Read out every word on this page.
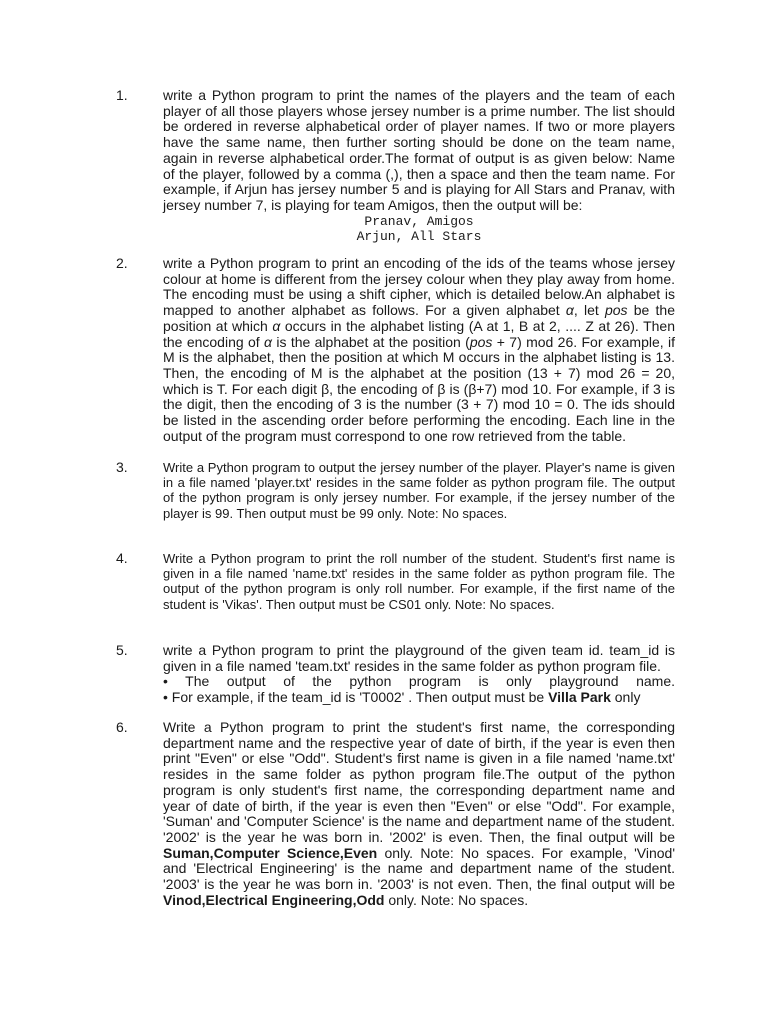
1.	write a Python program to print the names of the players and the team of each player of all those players whose jersey number is a prime number. The list should be ordered in reverse alphabetical order of player names. If two or more players have the same name, then further sorting should be done on the team name, again in reverse alphabetical order.The format of output is as given below: Name of the player, followed by a comma (,), then a space and then the team name. For example, if Arjun has jersey number 5 and is playing for All Stars and Pranav, with jersey number 7, is playing for team Amigos, then the output will be:
Pranav, Amigos
Arjun, All Stars
2.	write a Python program to print an encoding of the ids of the teams whose jersey colour at home is different from the jersey colour when they play away from home. The encoding must be using a shift cipher, which is detailed below.An alphabet is mapped to another alphabet as follows. For a given alphabet α, let pos be the position at which α occurs in the alphabet listing (A at 1, B at 2, .... Z at 26). Then the encoding of α is the alphabet at the position (pos + 7) mod 26. For example, if M is the alphabet, then the position at which M occurs in the alphabet listing is 13. Then, the encoding of M is the alphabet at the position (13 + 7) mod 26 = 20, which is T. For each digit β, the encoding of β is (β+7) mod 10. For example, if 3 is the digit, then the encoding of 3 is the number (3 + 7) mod 10 = 0. The ids should be listed in the ascending order before performing the encoding. Each line in the output of the program must correspond to one row retrieved from the table.
3.	Write a Python program to output the jersey number of the player. Player's name is given in a file named 'player.txt' resides in the same folder as python program file. The output of the python program is only jersey number. For example, if the jersey number of the player is 99. Then output must be 99 only. Note: No spaces.
4.	Write a Python program to print the roll number of the student. Student's first name is given in a file named 'name.txt' resides in the same folder as python program file. The output of the python program is only roll number. For example, if the first name of the student is 'Vikas'. Then output must be CS01 only. Note: No spaces.
5.	write a Python program to print the playground of the given team id. team_id is given in a file named 'team.txt' resides in the same folder as python program file.
• The output of the python program is only playground name.
• For example, if the team_id is 'T0002' . Then output must be Villa Park only
6.	Write a Python program to print the student's first name, the corresponding department name and the respective year of date of birth, if the year is even then print "Even" or else "Odd". Student's first name is given in a file named 'name.txt' resides in the same folder as python program file.The output of the python program is only student's first name, the corresponding department name and year of date of birth, if the year is even then "Even" or else "Odd". For example, 'Suman' and 'Computer Science' is the name and department name of the student. '2002' is the year he was born in. '2002' is even. Then, the final output will be Suman,Computer Science,Even only. Note: No spaces. For example, 'Vinod' and 'Electrical Engineering' is the name and department name of the student. '2003' is the year he was born in. '2003' is not even. Then, the final output will be Vinod,Electrical Engineering,Odd only. Note: No spaces.
